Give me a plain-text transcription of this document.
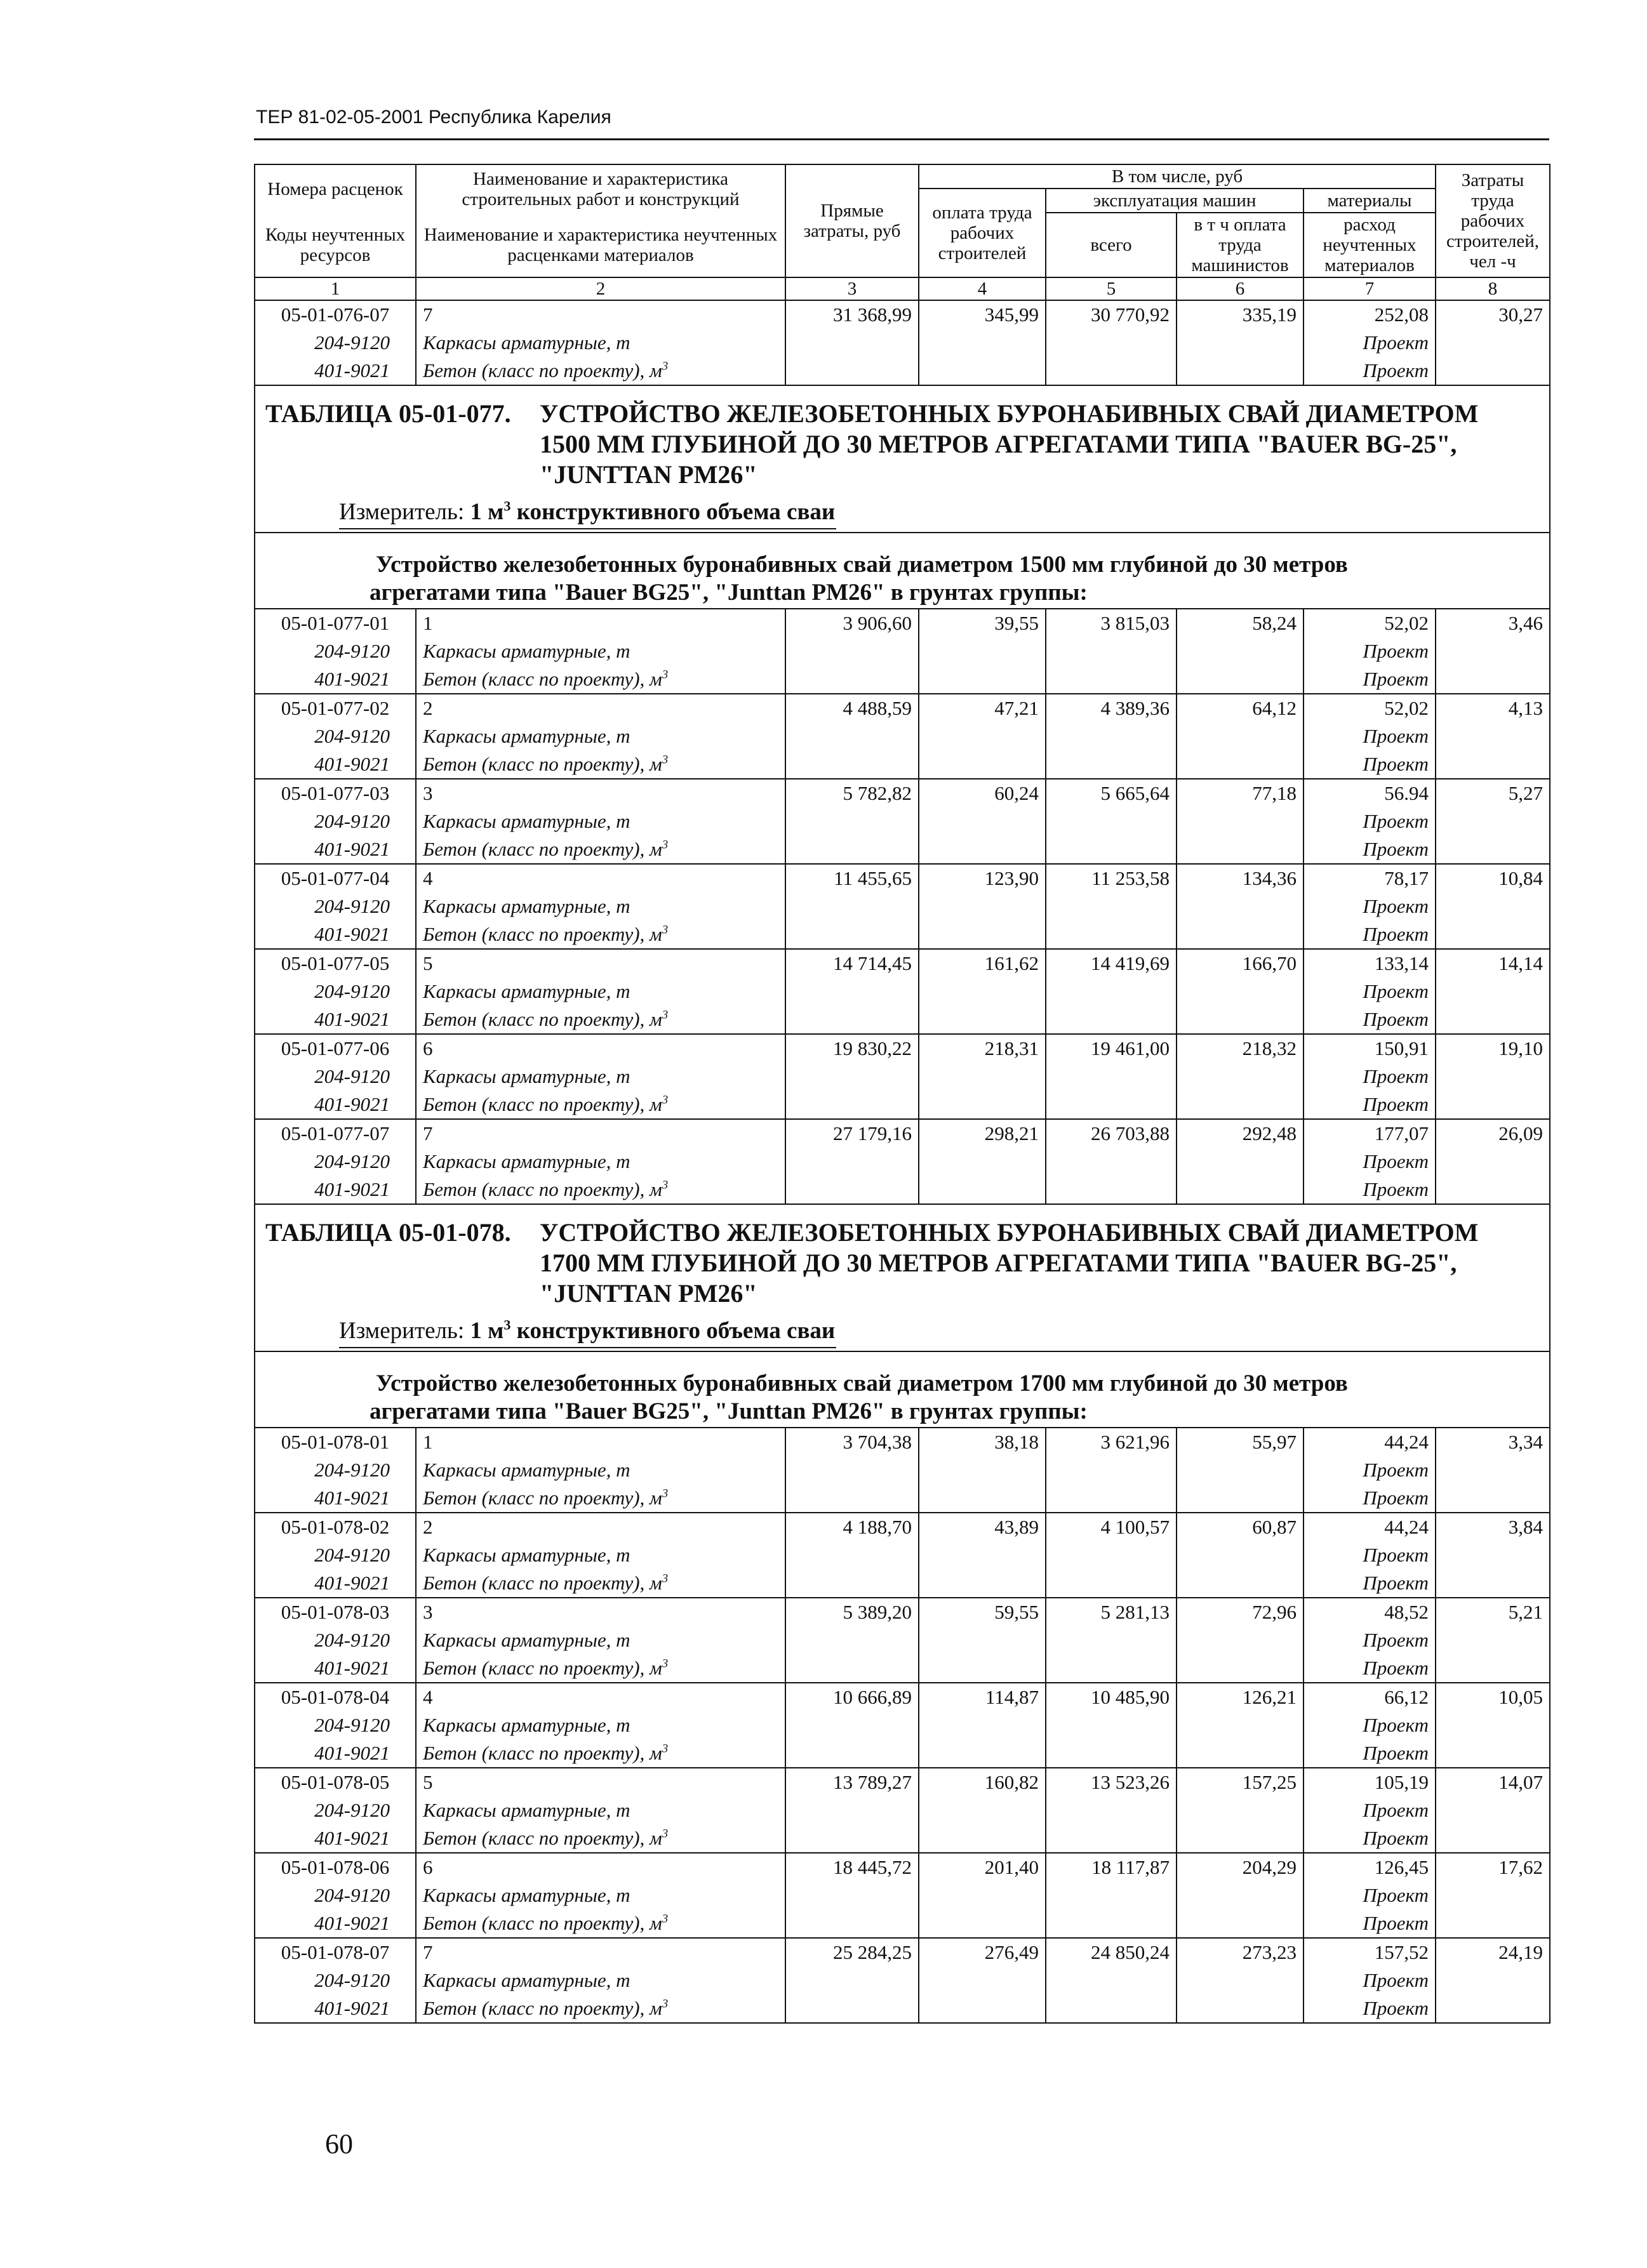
ТЕР 81-02-05-2001 Республика Карелия
Номера расценок	Наименование и характеристика строительных работ и конструкций	Прямые затраты, руб	В том числе, руб				Затраты труда рабочих строителей, чел -ч
			оплата труда рабочих строителей	эксплуатация машин		материалы	
Коды неучтенных ресурсов	Наименование и характеристика неучтенных расценками материалов			всего	в т ч оплата труда машинистов	расход неучтенных материалов	

1	2	3	4	5	6	7	8
05-01-076-07	7	31 368,99	345,99	30 770,92	335,19	252,08	30,27
204-9120	Каркасы арматурные, т					Проект	
401-9021	Бетон (класс по проекту), $м^3$					Проект	
ТАБЛИЦА 05-01-077. УСТРОЙСТВО ЖЕЛЕЗОБЕТОННЫХ БУРОНАБИВНЫХ СВАЙ ДИАМЕТРОМ
1500 ММ ГЛУБИНОЙ ДО 30 МЕТРОВ АГРЕГАТАМИ ТИПА "BAUER BG-25",
"JUNTTAN PM26"							

Измеритель: 1 $м^3$ конструктивного объема сваи							

Устройство железобетонных буронабивных свай диаметром 1500 мм глубиной до 30 метров
агрегатами типа "Bauer BG25", "Junttan PM26" в грунтах группы:							

05-01-077-01	1	3 906,60	39,55	3 815,03	58,24	52,02	3,46
204-9120	Каркасы арматурные, т					Проект	
401-9021	Бетон (класс по проекту), $м^3$					Проект	
05-01-077-02	2	4 488,59	47,21	4 389,36	64,12	52,02	4,13
204-9120	Каркасы арматурные, т					Проект	
401-9021	Бетон (класс по проекту), $м^3$					Проект	
05-01-077-03	3	5 782,82	60,24	5 665,64	77,18	56.94	5,27
204-9120	Каркасы арматурные, т					Проект	
401-9021	Бетон (класс по проекту), $м^3$					Проект	
05-01-077-04	4	11 455,65	123,90	11 253,58	134,36	78,17	10,84
204-9120	Каркасы арматурные, т					Проект	
401-9021	Бетон (класс по проекту), $м^3$					Проект	
05-01-077-05	5	14 714,45	161,62	14 419,69	166,70	133,14	14,14
204-9120	Каркасы арматурные, т					Проект	
401-9021	Бетон (класс по проекту), $м^3$					Проект	
05-01-077-06	6	19 830,22	218,31	19 461,00	218,32	150,91	19,10
204-9120	Каркасы арматурные, т					Проект	
401-9021	Бетон (класс по проекту), $м^3$					Проект	
05-01-077-07	7	27 179,16	298,21	26 703,88	292,48	177,07	26,09
204-9120	Каркасы арматурные, т					Проект	
401-9021	Бетон (класс по проекту), $м^3$					Проект	
ТАБЛИЦА 05-01-078. УСТРОЙСТВО ЖЕЛЕЗОБЕТОННЫХ БУРОНАБИВНЫХ СВАЙ ДИАМЕТРОМ
1700 ММ ГЛУБИНОЙ ДО 30 МЕТРОВ АГРЕГАТАМИ ТИПА "BAUER BG-25",
"JUNTTAN PM26"							

Измеритель: 1 $м^3$ конструктивного объема сваи							

Устройство железобетонных буронабивных свай диаметром 1700 мм глубиной до 30 метров
агрегатами типа "Bauer BG25", "Junttan PM26" в грунтах группы:							

05-01-078-01	1	3 704,38	38,18	3 621,96	55,97	44,24	3,34
204-9120	Каркасы арматурные, т					Проект	
401-9021	Бетон (класс по проекту), $м^3$					Проект	
05-01-078-02	2	4 188,70	43,89	4 100,57	60,87	44,24	3,84
204-9120	Каркасы арматурные, т					Проект	
401-9021	Бетон (класс по проекту), $м^3$					Проект	
05-01-078-03	3	5 389,20	59,55	5 281,13	72,96	48,52	5,21
204-9120	Каркасы арматурные, т					Проект	
401-9021	Бетон (класс по проекту), $м^3$					Проект	
05-01-078-04	4	10 666,89	114,87	10 485,90	126,21	66,12	10,05
204-9120	Каркасы арматурные, т					Проект	
401-9021	Бетон (класс по проекту), $м^3$					Проект	
05-01-078-05	5	13 789,27	160,82	13 523,26	157,25	105,19	14,07
204-9120	Каркасы арматурные, т					Проект	
401-9021	Бетон (класс по проекту), $м^3$					Проект	
05-01-078-06	6	18 445,72	201,40	18 117,87	204,29	126,45	17,62
204-9120	Каркасы арматурные, т					Проект	
401-9021	Бетон (класс по проекту), $м^3$					Проект	
05-01-078-07	7	25 284,25	276,49	24 850,24	273,23	157,52	24,19
204-9120	Каркасы арматурные, т					Проект	
401-9021	Бетон (класс по проекту), $м^3$					Проект	
60
